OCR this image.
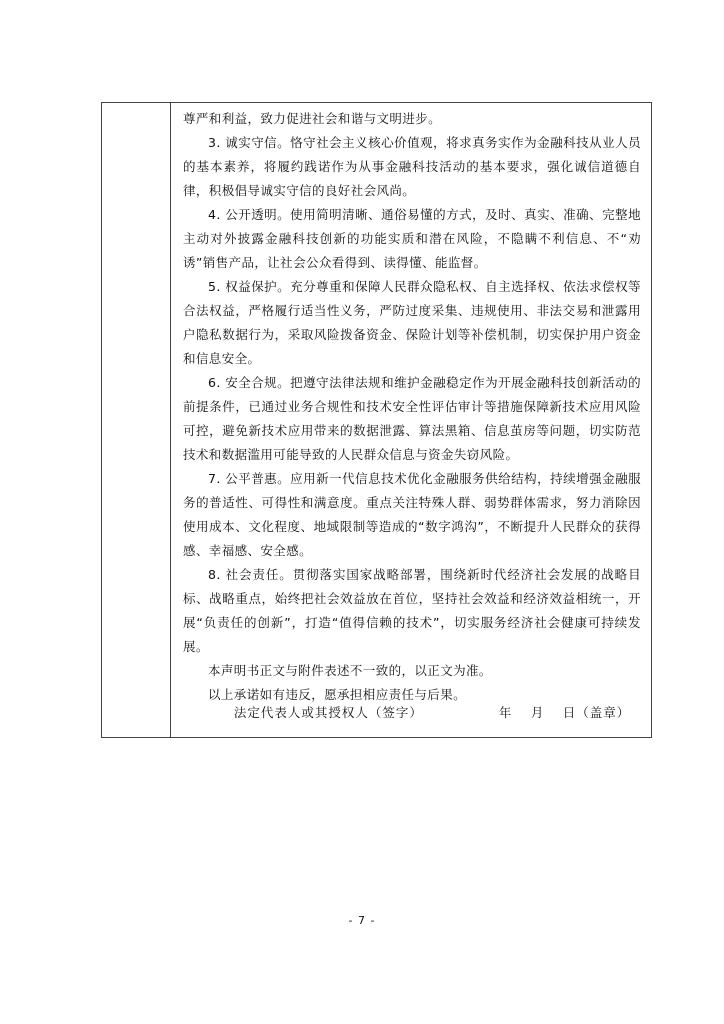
尊严和利益，致力促进社会和谐与文明进步。

3. 诚实守信。恪守社会主义核心价值观，将求真务实作为金融科技从业人员的基本素养，将履约践诺作为从事金融科技活动的基本要求，强化诚信道德自律，积极倡导诚实守信的良好社会风尚。

4. 公开透明。使用简明清晰、通俗易懂的方式，及时、真实、准确、完整地主动对外披露金融科技创新的功能实质和潜在风险，不隐瞒不利信息、不“劝诱”销售产品，让社会公众看得到、读得懂、能监督。

5. 权益保护。充分尊重和保障人民群众隐私权、自主选择权、依法求偿权等合法权益，严格履行适当性义务，严防过度采集、违规使用、非法交易和泄露用户隐私数据行为，采取风险拨备资金、保险计划等补偿机制，切实保护用户资金和信息安全。

6. 安全合规。把遵守法律法规和维护金融稳定作为开展金融科技创新活动的前提条件，已通过业务合规性和技术安全性评估审计等措施保障新技术应用风险可控，避免新技术应用带来的数据泄露、算法黑箱、信息茧房等问题，切实防范技术和数据滥用可能导致的人民群众信息与资金失窃风险。

7. 公平普惠。应用新一代信息技术优化金融服务供给结构，持续增强金融服务的普适性、可得性和满意度。重点关注特殊人群、弱势群体需求，努力消除因使用成本、文化程度、地域限制等造成的“数字鸿沟”，不断提升人民群众的获得感、幸福感、安全感。

8. 社会责任。贯彻落实国家战略部署，围绕新时代经济社会发展的战略目标、战略重点，始终把社会效益放在首位，坚持社会效益和经济效益相统一，开展“负责任的创新”，打造“值得信赖的技术”，切实服务经济社会健康可持续发展。

本声明书正文与附件表述不一致的，以正文为准。

以上承诺如有违反，愿承担相应责任与后果。

法定代表人或其授权人（签字）	年　 月　 日（盖章）

- 7 -
